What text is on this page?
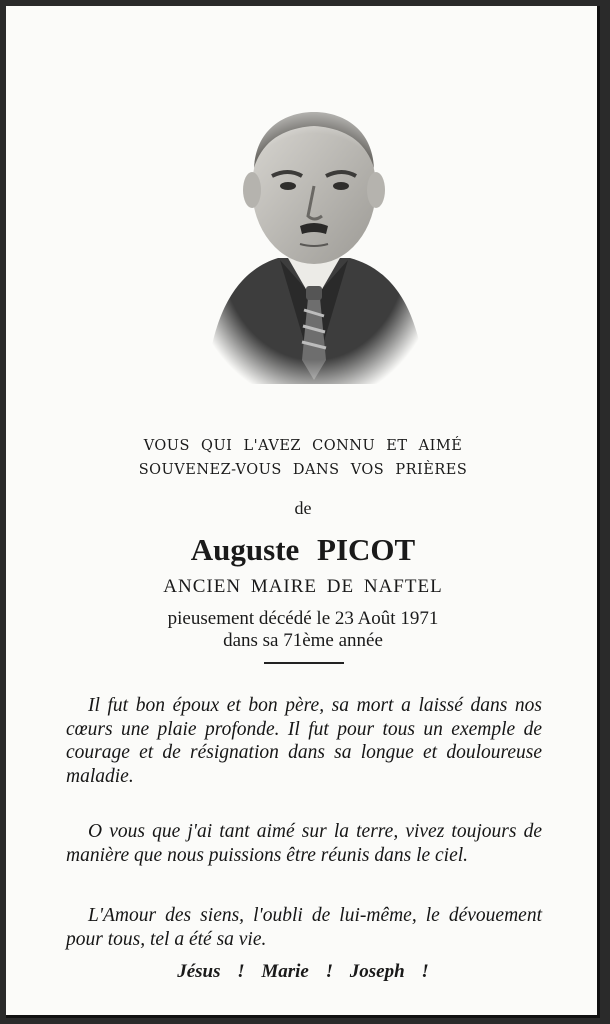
VOUS QUI L'AVEZ CONNU ET AIMÉ
SOUVENEZ-VOUS DANS VOS PRIÈRES
de
Auguste PICOT
ANCIEN MAIRE DE NAFTEL
pieusement décédé le 23 Août 1971
dans sa 71ème année
Il fut bon époux et bon père, sa mort a laissé dans nos cœurs une plaie profonde. Il fut pour tous un exemple de courage et de résignation dans sa longue et douloureuse maladie.
O vous que j'ai tant aimé sur la terre, vivez toujours de manière que nous puissions être réunis dans le ciel.
L'Amour des siens, l'oubli de lui-même, le dévouement pour tous, tel a été sa vie.
Jésus ! Marie ! Joseph !
